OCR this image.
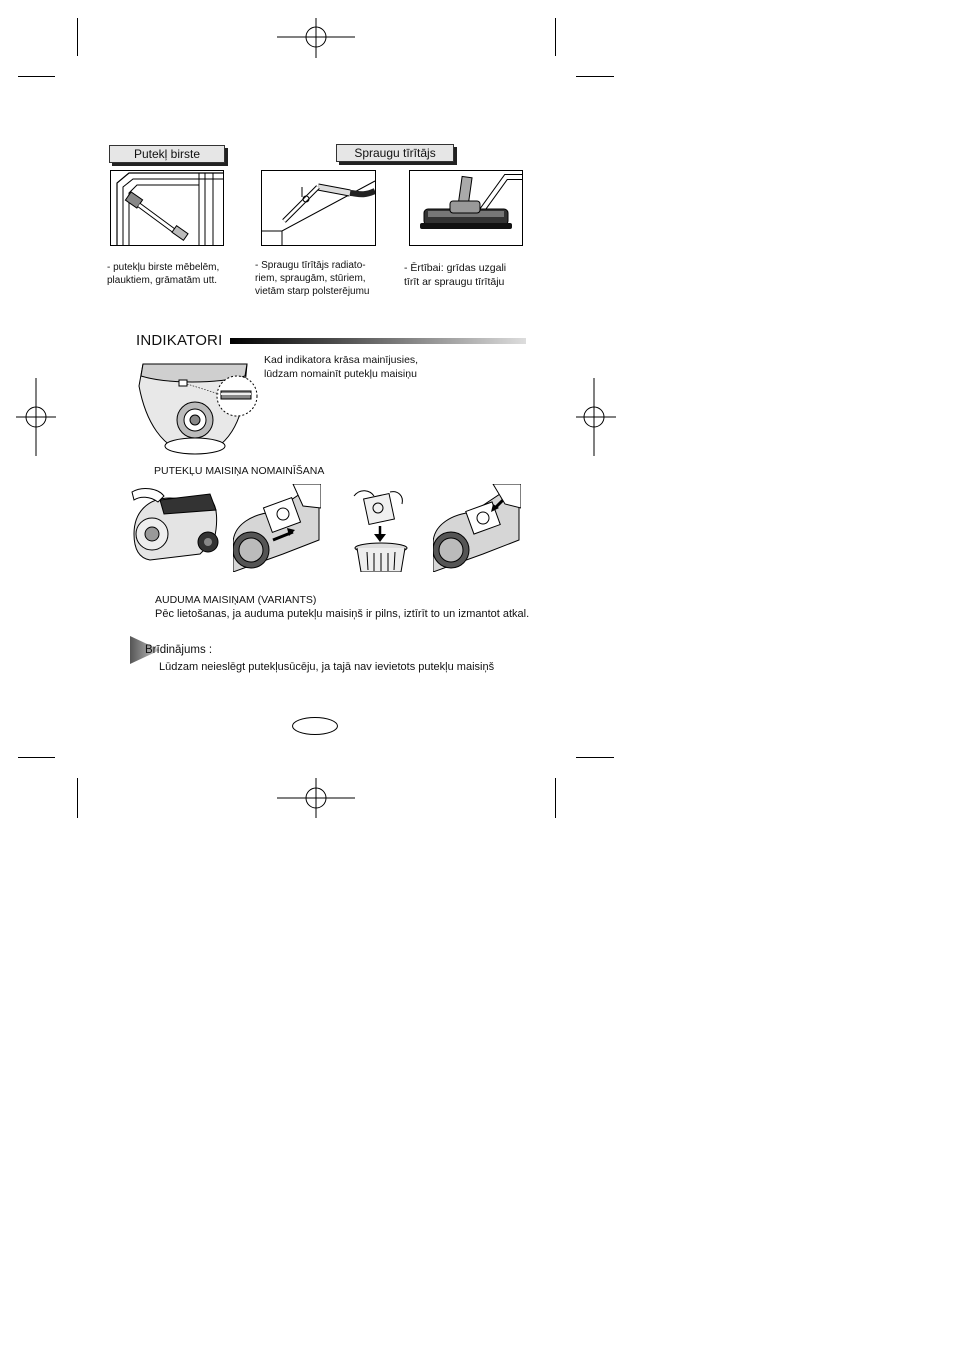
Putekļ birste	Spraugu tīrītājs
- putekļu birste mēbelēm,
plauktiem, grāmatām utt.
- Spraugu tīrītājs radiato-
riem, spraugām, stūriem,
vietām starp polsterējumu
- Ērtībai: grīdas uzgali
tīrīt ar spraugu tīrītāju
INDIKATORI
Kad indikatora krāsa mainījusies,
lūdzam nomainīt putekļu maisiņu
PUTEKĻU MAISIŅA NOMAINĪŠANA
AUDUMA MAISIŅAM (VARIANTS)
Pēc lietošanas, ja auduma putekļu maisiņš ir pilns, iztīrīt to un izmantot atkal.
Brīdinājums :
Lūdzam neieslēgt putekļusūcēju, ja tajā nav ievietots putekļu maisiņš
